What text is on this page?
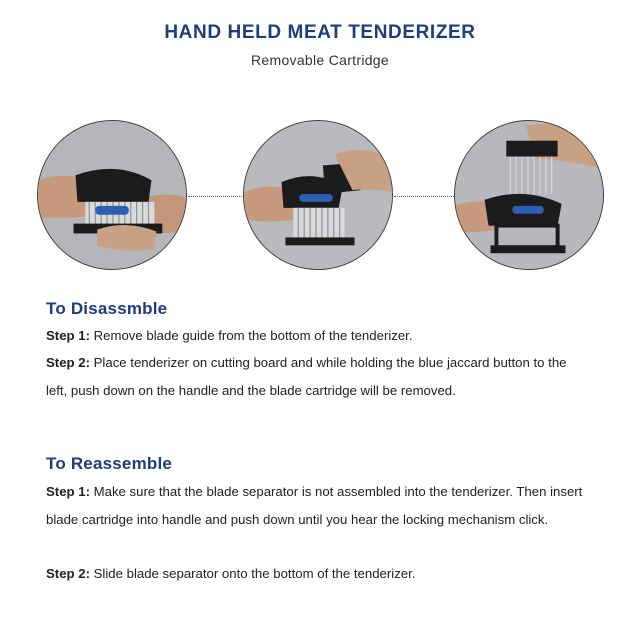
HAND HELD MEAT TENDERIZER
Removable Cartridge
To Disassmble

Step 1: Remove blade guide from the bottom of the tenderizer.

Step 2: Place tenderizer on cutting board and while holding the blue jaccard button to the left, push down on the handle and the blade cartridge will be removed.

To Reassemble

Step 1: Make sure that the blade separator is not assembled into the tenderizer. Then insert blade cartridge into handle and push down until you hear the locking mechanism click.

Step 2: Slide blade separator onto the bottom of the tenderizer.
